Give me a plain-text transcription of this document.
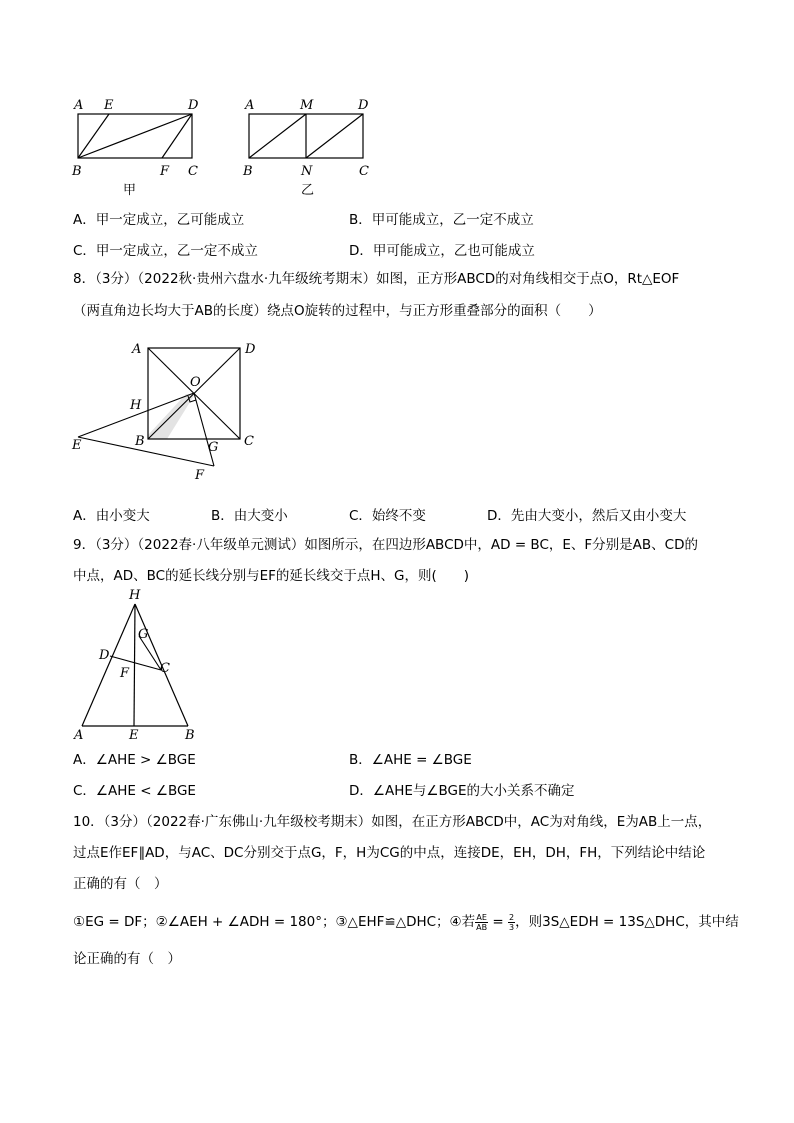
A E	D
B	F C
甲
A	M	D
B	N	C
乙
A．甲一定成立，乙可能成立	B．甲可能成立，乙一定不成立
C．甲一定成立，乙一定不成立	D．甲可能成立，乙也可能成立
8．（3分）（2022秋·贵州六盘水·九年级统考期末）如图，正方形ABCD的对角线相交于点O，Rt△EOF
（两直角边长均大于AB的长度）绕点O旋转的过程中，与正方形重叠部分的面积（　　）
A	D
O
H
B	G C
E
F
A．由小变大	B．由大变小	C．始终不变	D．先由大变小，然后又由小变大
9．（3分）（2022春·八年级单元测试）如图所示，在四边形ABCD中，AD = BC，E、F分别是AB、CD的
中点，AD、BC的延长线分别与EF的延长线交于点H、G，则(　　)
H
G
D
C
F
A	E	B
A．∠AHE > ∠BGE	B．∠AHE = ∠BGE
C．∠AHE < ∠BGE	D．∠AHE与∠BGE的大小关系不确定
10．（3分）（2022春·广东佛山·九年级校考期末）如图，在正方形ABCD中，AC为对角线，E为AB上一点，
过点E作EF∥AD，与AC、DC分别交于点G，F，H为CG的中点，连接DE，EH，DH，FH，下列结论中结论
正确的有（　）
①EG = DF；②∠AEH + ∠ADH = 180°；③△EHF≌△DHC；④若 $\frac{AE}{AB} = \frac{2}{3}$ ，则3S△EDH = 13S△DHC，其中结
论正确的有（　）
